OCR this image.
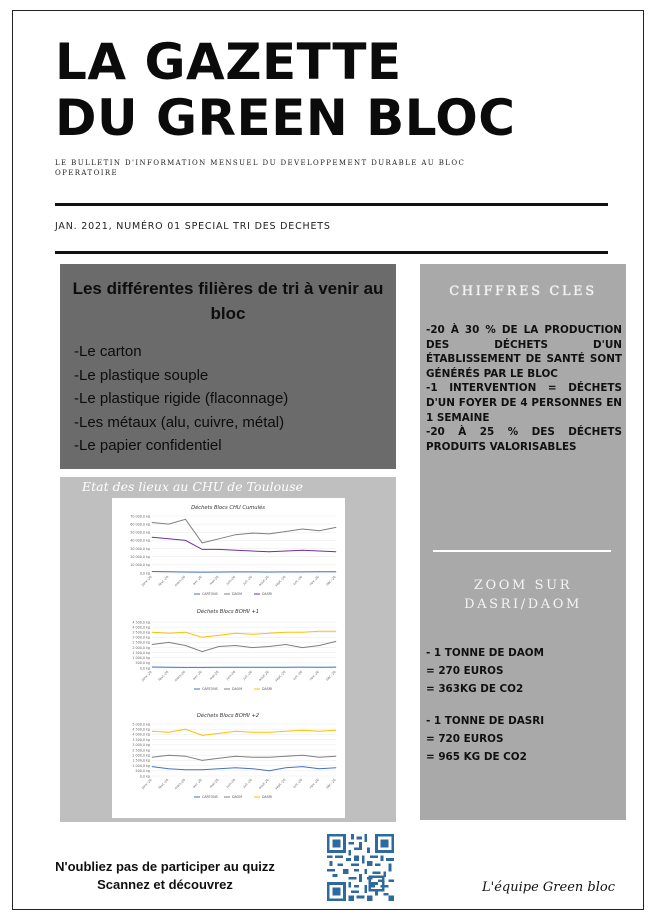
LA GAZETTE
DU GREEN BLOC
LE BULLETIN D'INFORMATION MENSUEL DU DEVELOPPEMENT DURABLE AU BLOC OPERATOIRE
JAN. 2021, NUMÉRO 01 SPECIAL TRI DES DECHETS
Les différentes filières de tri à venir au bloc
-Le carton
-Le plastique souple
-Le plastique rigide (flaconnage)
-Les métaux (alu, cuivre, métal)
-Le papier confidentiel
Etat des lieux au CHU de Toulouse
Déchets Blocs CHU Cumulés
0,0 kg
10 000,0 kg
20 000,0 kg
30 000,0 kg
40 000,0 kg
50 000,0 kg
60 000,0 kg
70 000,0 kg
janv.-20 févr.-20 mars-20 avr.-20 mai-20 juin-20 juil.-20 août-20 sept.-20 oct.-20 nov.-20 déc.-20
CARTONS	DAOM	DASRI
Déchets Blocs BOHII +1
0,0 kg
500,0 kg
1 000,0 kg
1 500,0 kg
2 000,0 kg
2 500,0 kg
3 000,0 kg
3 500,0 kg
4 000,0 kg
4 500,0 kg
janv.-20 févr.-20 mars-20 avr.-20 mai-20 juin-20 juil.-20 août-20 sept.-20 oct.-20 nov.-20 déc.-20
CARTONS	DAOM	DASRI
Déchets Blocs BOHII +2
0,0 kg
500,0 kg
1 000,0 kg
1 500,0 kg
2 000,0 kg
2 500,0 kg
3 000,0 kg
3 500,0 kg
4 000,0 kg
4 500,0 kg
5 000,0 kg
janv.-20 févr.-20 mars-20 avr.-20 mai-20 juin-20 juil.-20 août-20 sept.-20 oct.-20 nov.-20 déc.-20
CARTONS	DAOM	DASRI
CHIFFRES CLES

-20 À 30 % DE LA PRODUCTION DES DÉCHETS D'UN ÉTABLISSEMENT DE SANTÉ SONT GÉNÉRÉS PAR LE BLOC

-1 INTERVENTION = DÉCHETS D'UN FOYER DE 4 PERSONNES EN 1 SEMAINE

-20 À 25 % DES DÉCHETS PRODUITS VALORISABLES

ZOOM SUR
DASRI/DAOM
- 1 TONNE DE DAOM
= 270 EUROS
= 363KG DE CO2
- 1 TONNE DE DASRI
= 720 EUROS
= 965 KG DE CO2
N'oubliez pas de participer au quizz
Scannez et découvrez	L'équipe Green bloc
